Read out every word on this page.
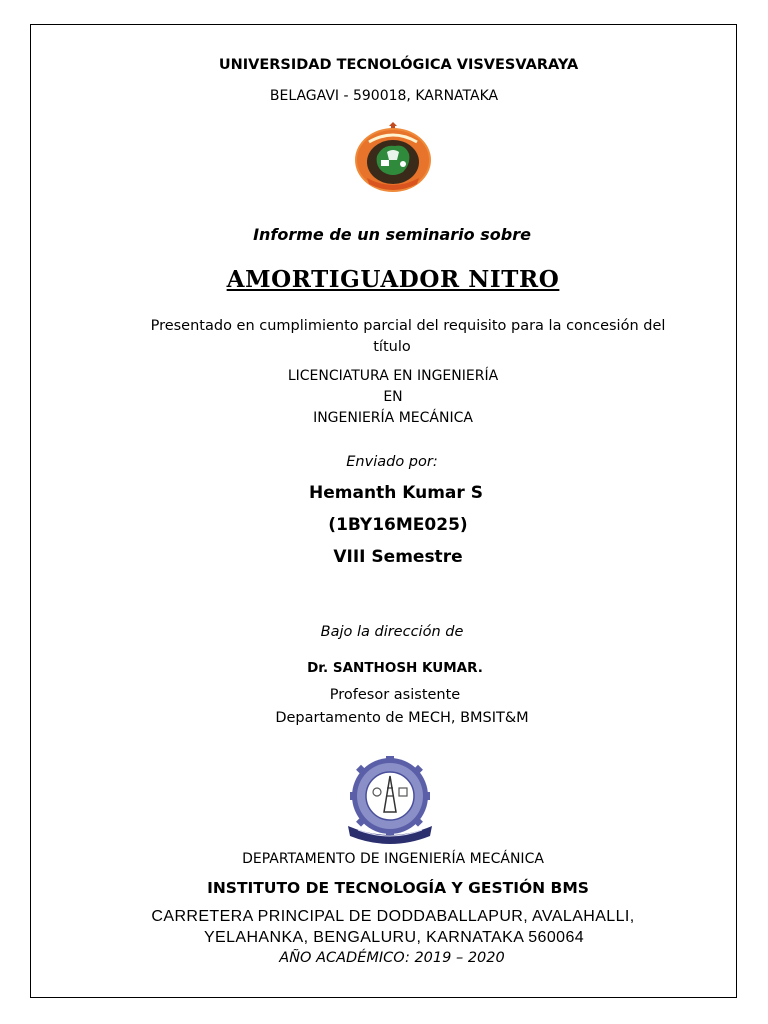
UNIVERSIDAD TECNOLÓGICA VISVESVARAYA
BELAGAVI - 590018, KARNATAKA
Informe de un seminario sobre
AMORTIGUADOR NITRO
Presentado en cumplimiento parcial del requisito para la concesión del
título
LICENCIATURA EN INGENIERÍA
EN
INGENIERÍA MECÁNICA
Enviado por:
Hemanth Kumar S
(1BY16ME025)
VIII Semestre
Bajo la dirección de
Dr. SANTHOSH KUMAR.
Profesor asistente
Departamento de MECH, BMSIT&M
DEPARTAMENTO DE INGENIERÍA MECÁNICA
INSTITUTO DE TECNOLOGÍA Y GESTIÓN BMS
CARRETERA PRINCIPAL DE DODDABALLAPUR, AVALAHALLI,
YELAHANKA, BENGALURU, KARNATAKA 560064
AÑO ACADÉMICO: 2019 – 2020
